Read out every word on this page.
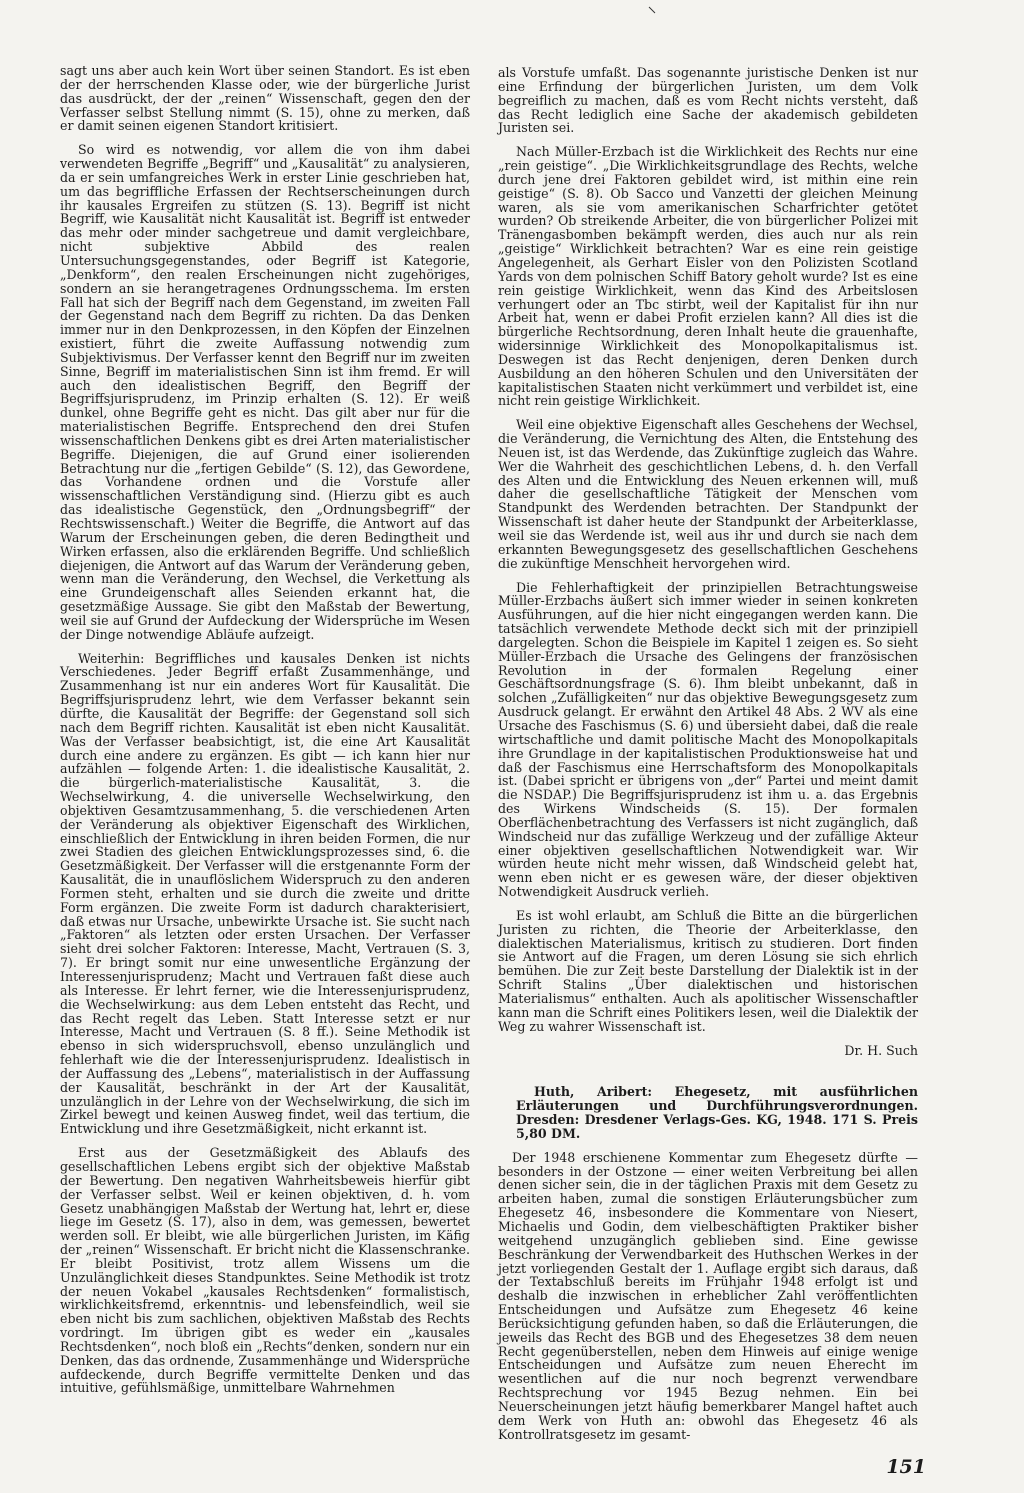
sagt uns aber auch kein Wort über seinen Standort. Es ist eben der der herrschenden Klasse oder, wie der bürgerliche Jurist das ausdrückt, der der „reinen“ Wissenschaft, gegen den der Verfasser selbst Stellung nimmt (S. 15), ohne zu merken, daß er damit seinen eigenen Standort kritisiert.

So wird es notwendig, vor allem die von ihm dabei verwendeten Begriffe „Begriff“ und „Kausalität“ zu analysieren, da er sein umfangreiches Werk in erster Linie geschrieben hat, um das begriffliche Erfassen der Rechtserscheinungen durch ihr kausales Ergreifen zu stützen (S. 13). Begriff ist nicht Begriff, wie Kausalität nicht Kausalität ist. Begriff ist entweder das mehr oder minder sachgetreue und damit vergleichbare, nicht subjektive Abbild des realen Untersuchungsgegenstandes, oder Begriff ist Kategorie, „Denkform“, den realen Erscheinungen nicht zugehöriges, sondern an sie herangetragenes Ordnungsschema. Im ersten Fall hat sich der Begriff nach dem Gegenstand, im zweiten Fall der Gegenstand nach dem Begriff zu richten. Da das Denken immer nur in den Denkprozessen, in den Köpfen der Einzelnen existiert, führt die zweite Auffassung notwendig zum Subjektivismus. Der Verfasser kennt den Begriff nur im zweiten Sinne, Begriff im materialistischen Sinn ist ihm fremd. Er will auch den idealistischen Begriff, den Begriff der Begriffsjurisprudenz, im Prinzip erhalten (S. 12). Er weiß dunkel, ohne Begriffe geht es nicht. Das gilt aber nur für die materialistischen Begriffe. Entsprechend den drei Stufen wissenschaftlichen Denkens gibt es drei Arten materialistischer Begriffe. Diejenigen, die auf Grund einer isolierenden Betrachtung nur die „fertigen Gebilde“ (S. 12), das Gewordene, das Vorhandene ordnen und die Vorstufe aller wissenschaftlichen Verständigung sind. (Hierzu gibt es auch das idealistische Gegenstück, den „Ordnungsbegriff“ der Rechtswissenschaft.) Weiter die Begriffe, die Antwort auf das Warum der Erscheinungen geben, die deren Bedingtheit und Wirken erfassen, also die erklärenden Begriffe. Und schließlich diejenigen, die Antwort auf das Warum der Veränderung geben, wenn man die Veränderung, den Wechsel, die Verkettung als eine Grundeigenschaft alles Seienden erkannt hat, die gesetzmäßige Aussage. Sie gibt den Maßstab der Bewertung, weil sie auf Grund der Aufdeckung der Widersprüche im Wesen der Dinge notwendige Abläufe aufzeigt.

Weiterhin: Begriffliches und kausales Denken ist nichts Verschiedenes. Jeder Begriff erfaßt Zusammenhänge, und Zusammenhang ist nur ein anderes Wort für Kausalität. Die Begriffsjurisprudenz lehrt, wie dem Verfasser bekannt sein dürfte, die Kausalität der Begriffe: der Gegenstand soll sich nach dem Begriff richten. Kausalität ist eben nicht Kausalität. Was der Verfasser beabsichtigt, ist, die eine Art Kausalität durch eine andere zu ergänzen. Es gibt — ich kann hier nur aufzählen — folgende Arten: 1. die idealistische Kausalität, 2. die bürgerlich-materialistische Kausalität, 3. die Wechselwirkung, 4. die universelle Wechselwirkung, den objektiven Gesamtzusammenhang, 5. die verschiedenen Arten der Veränderung als objektiver Eigenschaft des Wirklichen, einschließlich der Entwicklung in ihren beiden Formen, die nur zwei Stadien des gleichen Entwicklungsprozesses sind, 6. die Gesetzmäßigkeit. Der Verfasser will die erstgenannte Form der Kausalität, die in unauflöslichem Widerspruch zu den anderen Formen steht, erhalten und sie durch die zweite und dritte Form ergänzen. Die zweite Form ist dadurch charakterisiert, daß etwas nur Ursache, unbewirkte Ursache ist. Sie sucht nach „Faktoren“ als letzten oder ersten Ursachen. Der Verfasser sieht drei solcher Faktoren: Interesse, Macht, Vertrauen (S. 3, 7). Er bringt somit nur eine unwesentliche Ergänzung der Interessenjurisprudenz; Macht und Vertrauen faßt diese auch als Interesse. Er lehrt ferner, wie die Interessenjurisprudenz, die Wechselwirkung: aus dem Leben entsteht das Recht, und das Recht regelt das Leben. Statt Interesse setzt er nur Interesse, Macht und Vertrauen (S. 8 ff.). Seine Methodik ist ebenso in sich widerspruchsvoll, ebenso unzulänglich und fehlerhaft wie die der Interessenjurisprudenz. Idealistisch in der Auffassung des „Lebens“, materialistisch in der Auffassung der Kausalität, beschränkt in der Art der Kausalität, unzulänglich in der Lehre von der Wechselwirkung, die sich im Zirkel bewegt und keinen Ausweg findet, weil das tertium, die Entwicklung und ihre Gesetzmäßigkeit, nicht erkannt ist.

Erst aus der Gesetzmäßigkeit des Ablaufs des gesellschaftlichen Lebens ergibt sich der objektive Maßstab der Bewertung. Den negativen Wahrheitsbeweis hierfür gibt der Verfasser selbst. Weil er keinen objektiven, d. h. vom Gesetz unabhängigen Maßstab der Wertung hat, lehrt er, diese liege im Gesetz (S. 17), also in dem, was gemessen, bewertet werden soll. Er bleibt, wie alle bürgerlichen Juristen, im Käfig der „reinen“ Wissenschaft. Er bricht nicht die Klassenschranke. Er bleibt Positivist, trotz allem Wissens um die Unzulänglichkeit dieses Standpunktes. Seine Methodik ist trotz der neuen Vokabel „kausales Rechtsdenken“ formalistisch, wirklichkeitsfremd, erkenntnis- und lebensfeindlich, weil sie eben nicht bis zum sachlichen, objektiven Maßstab des Rechts vordringt. Im übrigen gibt es weder ein „kausales Rechtsdenken“, noch bloß ein „Rechts“denken, sondern nur ein Denken, das das ordnende, Zusammenhänge und Widersprüche aufdeckende, durch Begriffe vermittelte Denken und das intuitive, gefühlsmäßige, unmittelbare Wahrnehmen

als Vorstufe umfaßt. Das sogenannte juristische Denken ist nur eine Erfindung der bürgerlichen Juristen, um dem Volk begreiflich zu machen, daß es vom Recht nichts versteht, daß das Recht lediglich eine Sache der akademisch gebildeten Juristen sei.

Nach Müller-Erzbach ist die Wirklichkeit des Rechts nur eine „rein geistige“. „Die Wirklichkeitsgrundlage des Rechts, welche durch jene drei Faktoren gebildet wird, ist mithin eine rein geistige“ (S. 8). Ob Sacco und Vanzetti der gleichen Meinung waren, als sie vom amerikanischen Scharfrichter getötet wurden? Ob streikende Arbeiter, die von bürgerlicher Polizei mit Tränengasbomben bekämpft werden, dies auch nur als rein „geistige“ Wirklichkeit betrachten? War es eine rein geistige Angelegenheit, als Gerhart Eisler von den Polizisten Scotland Yards von dem polnischen Schiff Batory geholt wurde? Ist es eine rein geistige Wirklichkeit, wenn das Kind des Arbeitslosen verhungert oder an Tbc stirbt, weil der Kapitalist für ihn nur Arbeit hat, wenn er dabei Profit erzielen kann? All dies ist die bürgerliche Rechtsordnung, deren Inhalt heute die grauenhafte, widersinnige Wirklichkeit des Monopolkapitalismus ist. Deswegen ist das Recht denjenigen, deren Denken durch Ausbildung an den höheren Schulen und den Universitäten der kapitalistischen Staaten nicht verkümmert und verbildet ist, eine nicht rein geistige Wirklichkeit.

Weil eine objektive Eigenschaft alles Geschehens der Wechsel, die Veränderung, die Vernichtung des Alten, die Entstehung des Neuen ist, ist das Werdende, das Zukünftige zugleich das Wahre. Wer die Wahrheit des geschichtlichen Lebens, d. h. den Verfall des Alten und die Entwicklung des Neuen erkennen will, muß daher die gesellschaftliche Tätigkeit der Menschen vom Standpunkt des Werdenden betrachten. Der Standpunkt der Wissenschaft ist daher heute der Standpunkt der Arbeiterklasse, weil sie das Werdende ist, weil aus ihr und durch sie nach dem erkannten Bewegungsgesetz des gesellschaftlichen Geschehens die zukünftige Menschheit hervorgehen wird.

Die Fehlerhaftigkeit der prinzipiellen Betrachtungsweise Müller-Erzbachs äußert sich immer wieder in seinen konkreten Ausführungen, auf die hier nicht eingegangen werden kann. Die tatsächlich verwendete Methode deckt sich mit der prinzipiell dargelegten. Schon die Beispiele im Kapitel 1 zeigen es. So sieht Müller-Erzbach die Ursache des Gelingens der französischen Revolution in der formalen Regelung einer Geschäftsordnungsfrage (S. 6). Ihm bleibt unbekannt, daß in solchen „Zufälligkeiten“ nur das objektive Bewegungsgesetz zum Ausdruck gelangt. Er erwähnt den Artikel 48 Abs. 2 WV als eine Ursache des Faschismus (S. 6) und übersieht dabei, daß die reale wirtschaftliche und damit politische Macht des Monopolkapitals ihre Grundlage in der kapitalistischen Produktionsweise hat und daß der Faschismus eine Herrschaftsform des Monopolkapitals ist. (Dabei spricht er übrigens von „der“ Partei und meint damit die NSDAP.) Die Begriffsjurisprudenz ist ihm u. a. das Ergebnis des Wirkens Windscheids (S. 15). Der formalen Oberflächenbetrachtung des Verfassers ist nicht zugänglich, daß Windscheid nur das zufällige Werkzeug und der zufällige Akteur einer objektiven gesellschaftlichen Notwendigkeit war. Wir würden heute nicht mehr wissen, daß Windscheid gelebt hat, wenn eben nicht er es gewesen wäre, der dieser objektiven Notwendigkeit Ausdruck verlieh.

Es ist wohl erlaubt, am Schluß die Bitte an die bürgerlichen Juristen zu richten, die Theorie der Arbeiterklasse, den dialektischen Materialismus, kritisch zu studieren. Dort finden sie Antwort auf die Fragen, um deren Lösung sie sich ehrlich bemühen. Die zur Zeit beste Darstellung der Dialektik ist in der Schrift Stalins „Über dialektischen und historischen Materialismus“ enthalten. Auch als apolitischer Wissenschaftler kann man die Schrift eines Politikers lesen, weil die Dialektik der Weg zu wahrer Wissenschaft ist.

Dr. H. Such

Huth, Aribert: Ehegesetz, mit ausführlichen Erläuterungen und Durchführungsverordnungen. Dresden: Dresdener Verlags-Ges. KG, 1948. 171 S. Preis 5,80 DM.

Der 1948 erschienene Kommentar zum Ehegesetz dürfte — besonders in der Ostzone — einer weiten Verbreitung bei allen denen sicher sein, die in der täglichen Praxis mit dem Gesetz zu arbeiten haben, zumal die sonstigen Erläuterungsbücher zum Ehegesetz 46, insbesondere die Kommentare von Niesert, Michaelis und Godin, dem vielbeschäftigten Praktiker bisher weitgehend unzugänglich geblieben sind. Eine gewisse Beschränkung der Verwendbarkeit des Huthschen Werkes in der jetzt vorliegenden Gestalt der 1. Auflage ergibt sich daraus, daß der Textabschluß bereits im Frühjahr 1948 erfolgt ist und deshalb die inzwischen in erheblicher Zahl veröffentlichten Entscheidungen und Aufsätze zum Ehegesetz 46 keine Berücksichtigung gefunden haben, so daß die Erläuterungen, die jeweils das Recht des BGB und des Ehegesetzes 38 dem neuen Recht gegenüberstellen, neben dem Hinweis auf einige wenige Entscheidungen und Aufsätze zum neuen Eherecht im wesentlichen auf die nur noch begrenzt verwendbare Rechtsprechung vor 1945 Bezug nehmen. Ein bei Neuerscheinungen jetzt häufig bemerkbarer Mangel haftet auch dem Werk von Huth an: obwohl das Ehegesetz 46 als Kontrollratsgesetz im gesamt-

151
